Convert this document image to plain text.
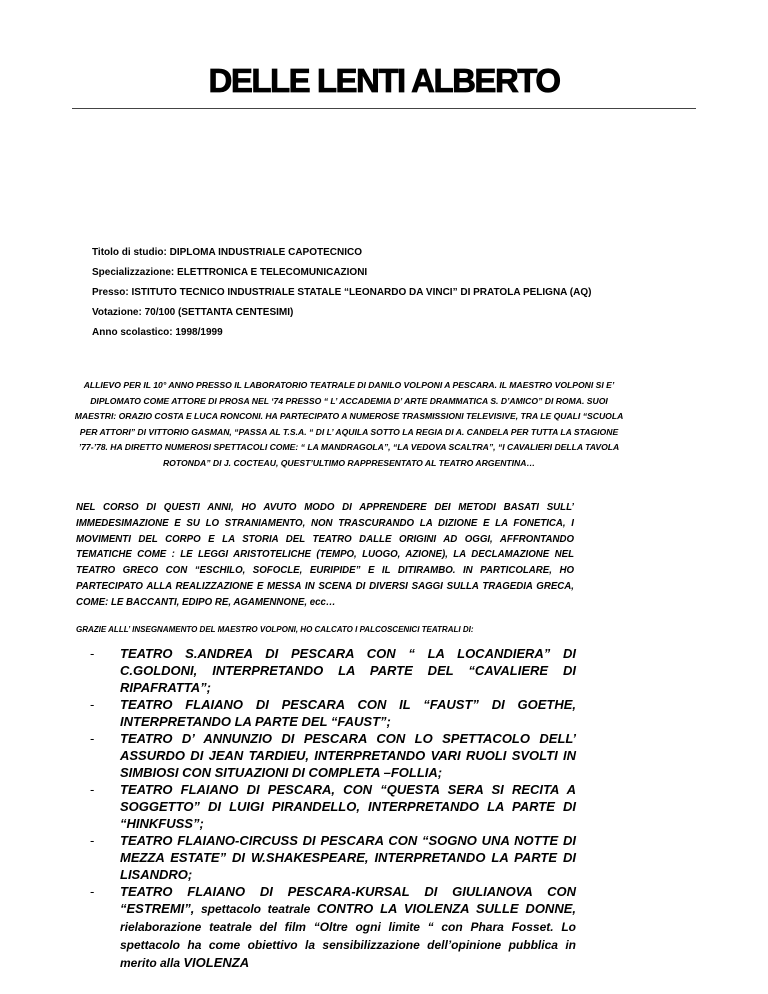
DELLE LENTI ALBERTO
Titolo di studio: DIPLOMA INDUSTRIALE CAPOTECNICO
Specializzazione: ELETTRONICA E TELECOMUNICAZIONI
Presso: ISTITUTO TECNICO INDUSTRIALE STATALE “LEONARDO DA VINCI” DI PRATOLA PELIGNA (AQ)
Votazione: 70/100 (SETTANTA CENTESIMI)
Anno scolastico: 1998/1999
ALLIEVO PER IL 10° ANNO PRESSO IL LABORATORIO TEATRALE DI DANILO VOLPONI A PESCARA. IL MAESTRO VOLPONI SI E’ DIPLOMATO COME ATTORE DI PROSA NEL ‘74 PRESSO “ L’ ACCADEMIA D’ ARTE DRAMMATICA S. D’AMICO” DI ROMA. SUOI MAESTRI: ORAZIO COSTA E LUCA RONCONI. HA PARTECIPATO A NUMEROSE TRASMISSIONI TELEVISIVE, TRA LE QUALI “SCUOLA PER ATTORI” DI VITTORIO GASMAN, “PASSA AL T.S.A. “ DI L’ AQUILA SOTTO LA REGIA DI A. CANDELA PER TUTTA LA STAGIONE ’77-’78. HA DIRETTO NUMEROSI SPETTACOLI COME: “ LA MANDRAGOLA”, “LA VEDOVA SCALTRA”, “I CAVALIERI DELLA TAVOLA ROTONDA” DI J. COCTEAU, QUEST’ULTIMO RAPPRESENTATO AL TEATRO ARGENTINA…
NEL CORSO DI QUESTI ANNI, HO AVUTO MODO DI APPRENDERE DEI METODI BASATI SULL’ IMMEDESIMAZIONE E SU LO STRANIAMENTO, NON TRASCURANDO LA DIZIONE E LA FONETICA, I MOVIMENTI DEL CORPO E LA STORIA DEL TEATRO DALLE ORIGINI AD OGGI, AFFRONTANDO TEMATICHE COME : LE LEGGI ARISTOTELICHE (TEMPO, LUOGO, AZIONE), LA DECLAMAZIONE NEL TEATRO GRECO CON “ESCHILO, SOFOCLE, EURIPIDE” E IL DITIRAMBO. IN PARTICOLARE, HO PARTECIPATO ALLA REALIZZAZIONE E MESSA IN SCENA DI DIVERSI SAGGI SULLA TRAGEDIA GRECA, COME: LE BACCANTI, EDIPO RE, AGAMENNONE, ecc…
GRAZIE ALLL’ INSEGNAMENTO DEL MAESTRO VOLPONI, HO CALCATO I PALCOSCENICI TEATRALI DI:
- TEATRO S.ANDREA DI PESCARA CON “ LA LOCANDIERA” DI C.GOLDONI, INTERPRETANDO LA PARTE DEL “CAVALIERE DI RIPAFRATTA”;
- TEATRO FLAIANO DI PESCARA CON IL “FAUST” DI GOETHE, INTERPRETANDO LA PARTE DEL “FAUST”;
- TEATRO D’ ANNUNZIO DI PESCARA CON LO SPETTACOLO DELL’ ASSURDO DI JEAN TARDIEU, INTERPRETANDO VARI RUOLI SVOLTI IN SIMBIOSI CON SITUAZIONI DI COMPLETA –FOLLIA;
- TEATRO FLAIANO DI PESCARA, CON “QUESTA SERA SI RECITA A SOGGETTO” DI LUIGI PIRANDELLO, INTERPRETANDO LA PARTE DI “HINKFUSS”;
- TEATRO FLAIANO-CIRCUSS DI PESCARA CON “SOGNO UNA NOTTE DI MEZZA ESTATE” DI W.SHAKESPEARE, INTERPRETANDO LA PARTE DI LISANDRO;
- TEATRO FLAIANO DI PESCARA-KURSAL DI GIULIANOVA CON “ESTREMI”, spettacolo teatrale CONTRO LA VIOLENZA SULLE DONNE, rielaborazione teatrale del film “Oltre ogni limite “ con Phara Fosset. Lo spettacolo ha come obiettivo la sensibilizzazione dell’opinione pubblica in merito alla VIOLENZA
